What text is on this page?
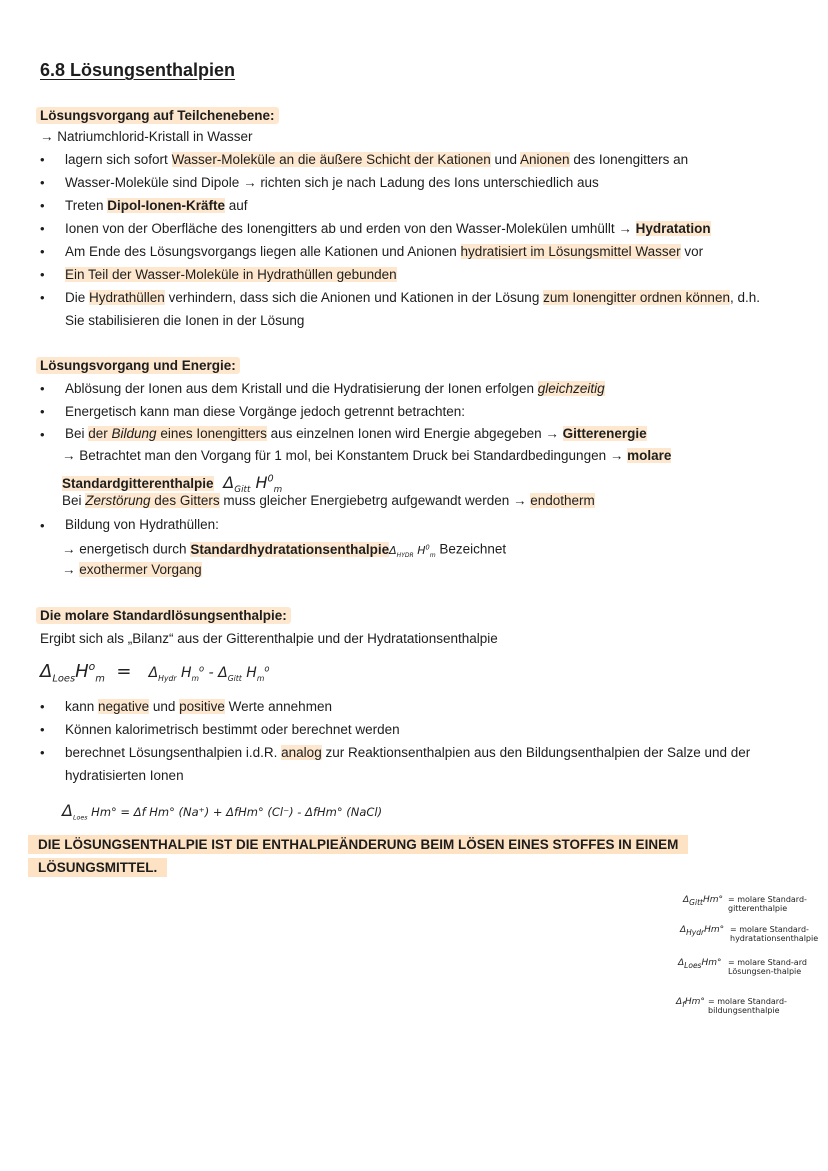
6.8 Lösungsenthalpien
Lösungsvorgang auf Teilchenebene:
→ Natriumchlorid-Kristall in Wasser
• lagern sich sofort Wasser-Moleküle an die äußere Schicht der Kationen und Anionen des Ionengitters an
• Wasser-Moleküle sind Dipole → richten sich je nach Ladung des Ions unterschiedlich aus
• Treten Dipol-Ionen-Kräfte auf
• Ionen von der Oberfläche des Ionengitters ab und erden von den Wasser-Molekülen umhüllt → Hydratation
• Am Ende des Lösungsvorgangs liegen alle Kationen und Anionen hydratisiert im Lösungsmittel Wasser vor
• Ein Teil der Wasser-Moleküle in Hydrathüllen gebunden
• Die Hydrathüllen verhindern, dass sich die Anionen und Kationen in der Lösung zum Ionengitter ordnen können, d.h.
Sie stabilisieren die Ionen in der Lösung
Lösungsvorgang und Energie:
• Ablösung der Ionen aus dem Kristall und die Hydratisierung der Ionen erfolgen gleichzeitig
• Energetisch kann man diese Vorgänge jedoch getrennt betrachten:
• Bei der Bildung eines Ionengitters aus einzelnen Ionen wird Energie abgegeben → Gitterenergie
→ Betrachtet man den Vorgang für 1 mol, bei Konstantem Druck bei Standardbedingungen → molare
Standardgitterenthalpie $\Delta_{Gitt}$ $H^0_m$
Bei Zerstörung des Gitters muss gleicher Energiebetrg aufgewandt werden → endotherm
• Bildung von Hydrathüllen:
→ energetisch durch StandardhydratationsenthalpieΔ$_{HYDR}$ $H^0_m$ Bezeichnet
→ exothermer Vorgang
Die molare Standardlösungsenthalpie:
Ergibt sich als „Bilanz“ aus der Gitterenthalpie und der Hydratationsenthalpie
$\Delta_{Loes}H^o_m = \Delta_{Hydr}$ $H_m^o - \Delta_{Gitt}$ $H_m^o$
• kann negative und positive Werte annehmen
• Können kalorimetrisch bestimmt oder berechnet werden
• berechnet Lösungsenthalpien i.d.R. analog zur Reaktionsenthalpien aus den Bildungsenthalpien der Salze und der
hydratisierten Ionen
$\Delta_{Loes}$ Hm° = Δf Hm° (Na⁺) + ΔfHm° (Cl⁻) - ΔfHm° (NaCl)

DIE LÖSUNGSENTHALPIE IST DIE ENTHALPIEÄNDERUNG BEIM LÖSEN EINES STOFFES IN EINEM LÖSUNGSMITTEL.

$\Delta_{Gitt}Hm^\circ$ = molare Standard-gitterenthalpie
$\Delta_{Hydr}Hm^\circ$ = molare Standard-hydratationsenthalpie
$\Delta_{Loes}Hm^\circ$ = molare Stand-ard Lösungsen-thalpie
$\Delta_fHm^\circ$ = molare Standard-bildungsenthalpie
